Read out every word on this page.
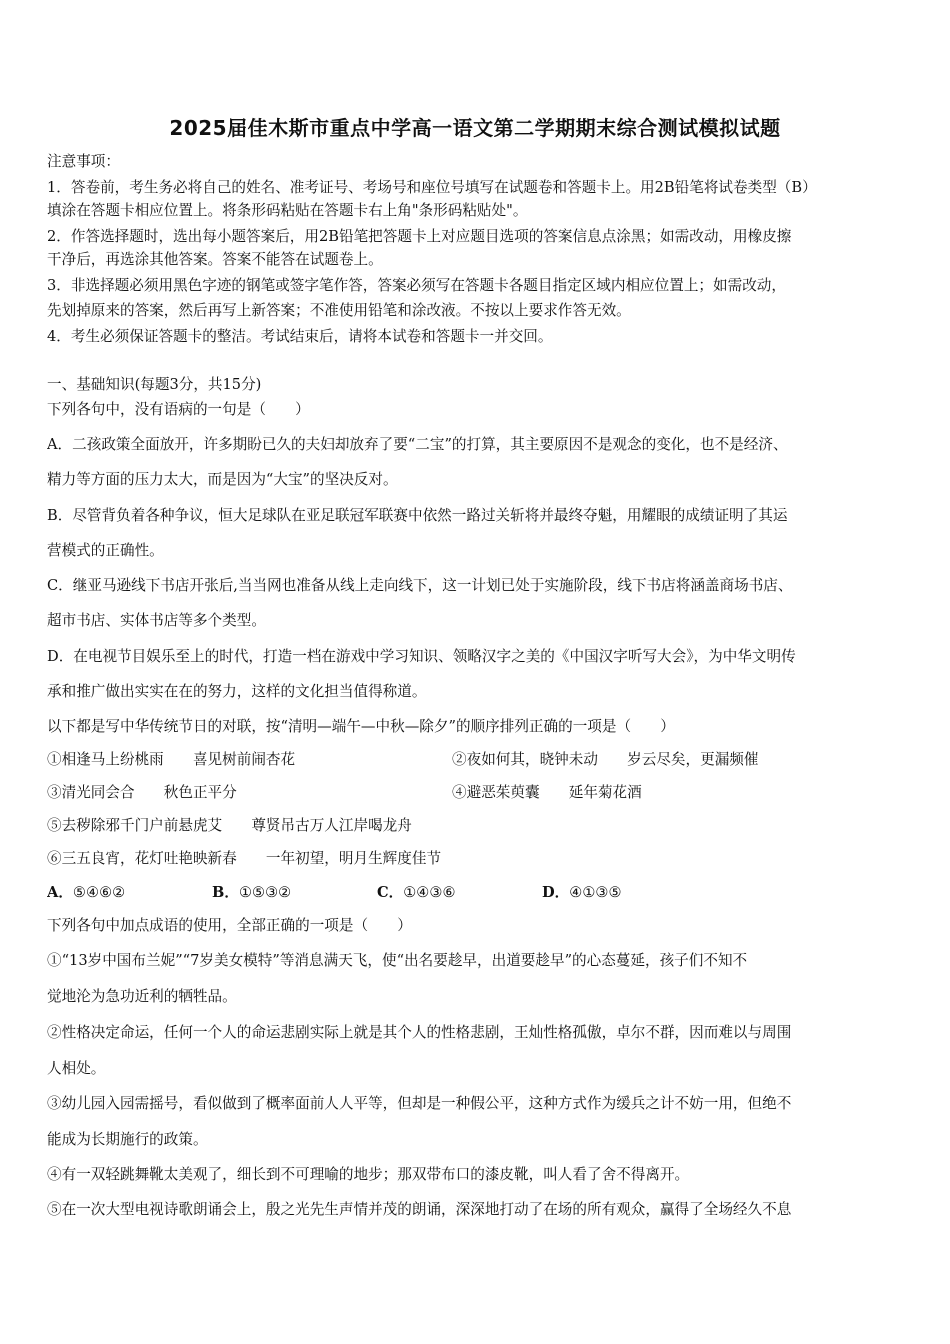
2025届佳木斯市重点中学高一语文第二学期期末综合测试模拟试题
注意事项：
1．答卷前，考生务必将自己的姓名、准考证号、考场号和座位号填写在试题卷和答题卡上。用2B铅笔将试卷类型（B）
填涂在答题卡相应位置上。将条形码粘贴在答题卡右上角"条形码粘贴处"。
2．作答选择题时，选出每小题答案后，用2B铅笔把答题卡上对应题目选项的答案信息点涂黑；如需改动，用橡皮擦
干净后，再选涂其他答案。答案不能答在试题卷上。
3．非选择题必须用黑色字迹的钢笔或签字笔作答，答案必须写在答题卡各题目指定区域内相应位置上；如需改动，
先划掉原来的答案，然后再写上新答案；不准使用铅笔和涂改液。不按以上要求作答无效。
4．考生必须保证答题卡的整洁。考试结束后，请将本试卷和答题卡一并交回。
一、基础知识(每题3分，共15分)
下列各句中，没有语病的一句是（　　）
A．二孩政策全面放开，许多期盼已久的夫妇却放弃了要“二宝”的打算，其主要原因不是观念的变化，也不是经济、
精力等方面的压力太大，而是因为“大宝”的坚决反对。
B．尽管背负着各种争议，恒大足球队在亚足联冠军联赛中依然一路过关斩将并最终夺魁，用耀眼的成绩证明了其运
营模式的正确性。
C．继亚马逊线下书店开张后,当当网也准备从线上走向线下，这一计划已处于实施阶段，线下书店将涵盖商场书店、
超市书店、实体书店等多个类型。
D．在电视节目娱乐至上的时代，打造一档在游戏中学习知识、领略汉字之美的《中国汉字听写大会》，为中华文明传
承和推广做出实实在在的努力，这样的文化担当值得称道。
以下都是写中华传统节日的对联，按“清明—端午—中秋—除夕”的顺序排列正确的一项是（　　）
①相逢马上纷桃雨　　喜见树前闹杏花	②夜如何其，晓钟未动　　岁云尽矣，更漏频催
③清光同会合　　秋色正平分	④避恶茱萸囊　　延年菊花酒
⑤去秽除邪千门户前悬虎艾　　尊贤吊古万人江岸喝龙舟
⑥三五良宵，花灯吐艳映新春　　一年初望，明月生辉度佳节
A．⑤④⑥②	B．①⑤③②	C．①④③⑥	D．④①③⑤
下列各句中加点成语的使用，全部正确的一项是（　　）
①“13岁中国布兰妮”“7岁美女模特”等消息满天飞，使“出名要趁早，出道要趁早”的心态蔓延，孩子们不知不
觉地沦为急功近利的牺牲品。
②性格决定命运，任何一个人的命运悲剧实际上就是其个人的性格悲剧，王灿性格孤傲，卓尔不群，因而难以与周围
人相处。
③幼儿园入园需摇号，看似做到了概率面前人人平等，但却是一种假公平，这种方式作为缓兵之计不妨一用，但绝不
能成为长期施行的政策。
④有一双轻跳舞靴太美观了，细长到不可理喻的地步；那双带布口的漆皮靴，叫人看了舍不得离开。
⑤在一次大型电视诗歌朗诵会上，殷之光先生声情并茂的朗诵，深深地打动了在场的所有观众，赢得了全场经久不息
